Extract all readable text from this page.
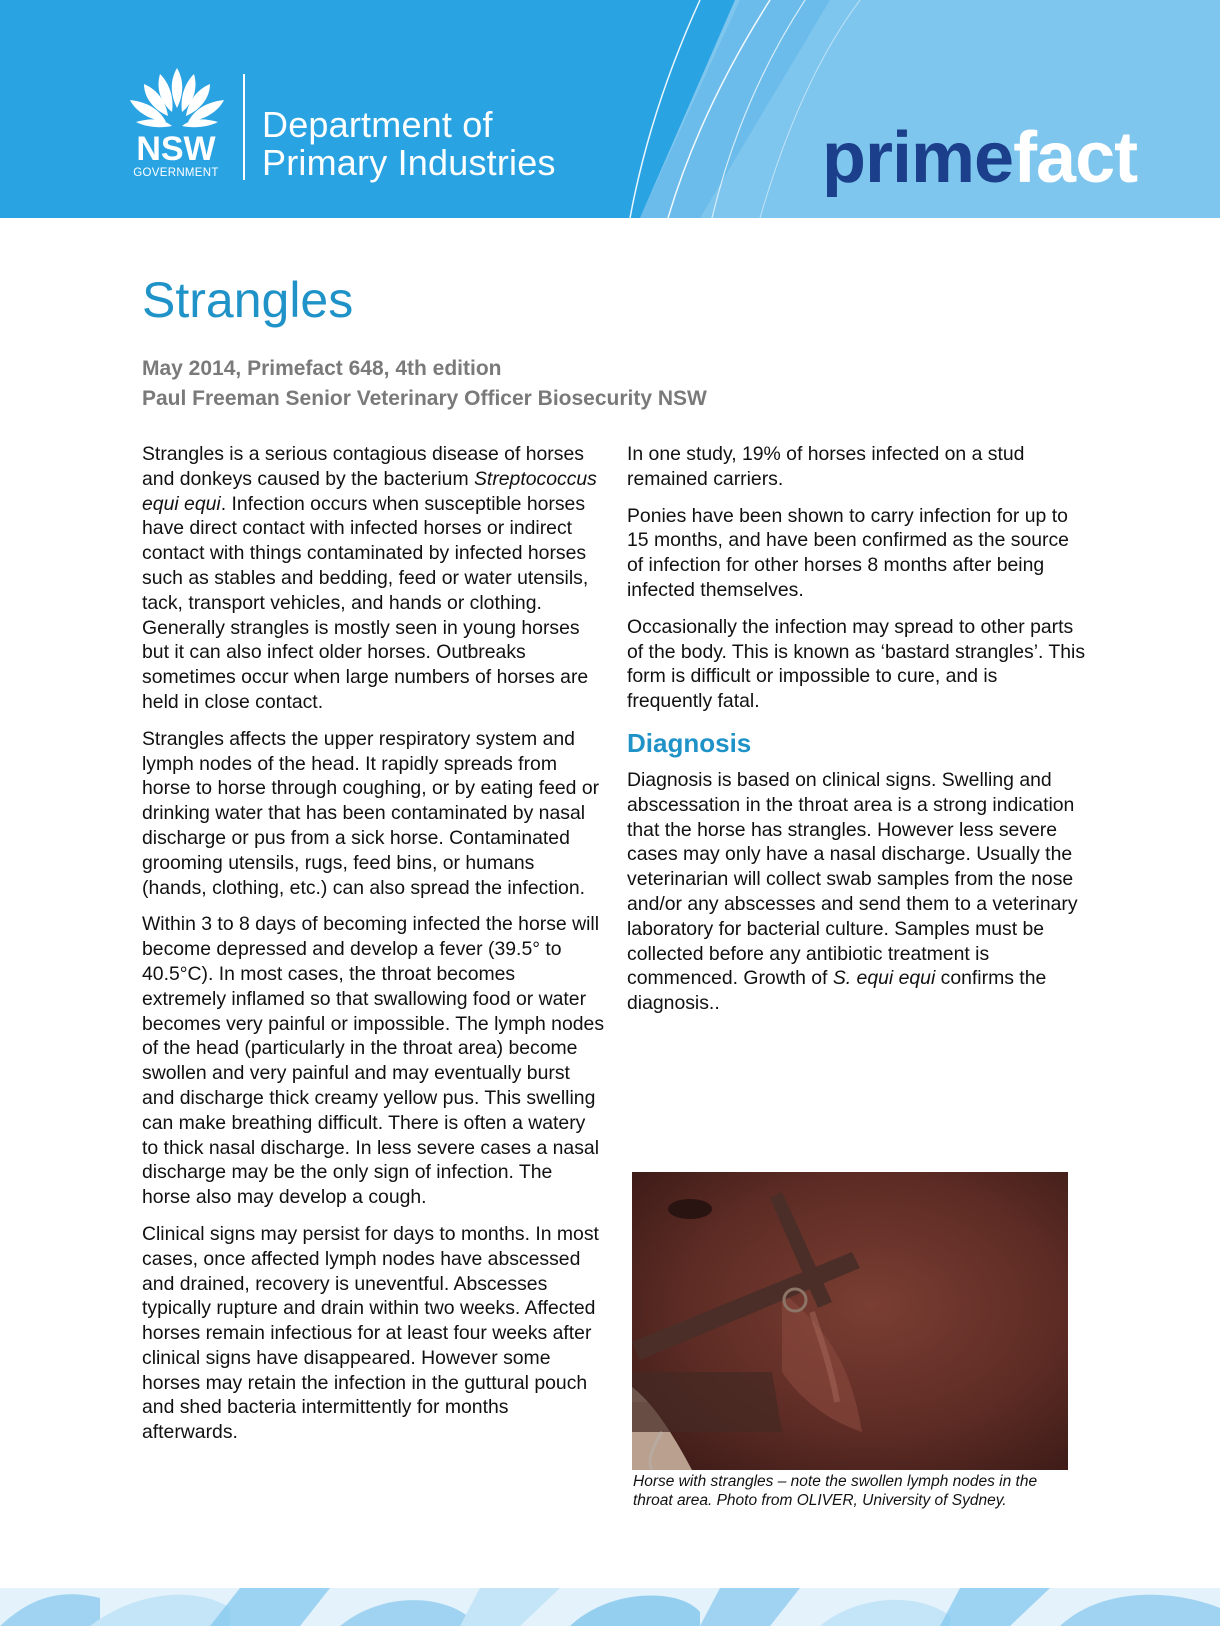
NSW
GOVERNMENT
Department of
Primary Industries	primefact
Strangles
May 2014, Primefact 648, 4th edition
Paul Freeman Senior Veterinary Officer Biosecurity NSW

Strangles is a serious contagious disease of horses and donkeys caused by the bacterium Streptococcus equi equi. Infection occurs when susceptible horses have direct contact with infected horses or indirect contact with things contaminated by infected horses such as stables and bedding, feed or water utensils, tack, transport vehicles, and hands or clothing. Generally strangles is mostly seen in young horses but it can also infect older horses. Outbreaks sometimes occur when large numbers of horses are held in close contact.

Strangles affects the upper respiratory system and lymph nodes of the head. It rapidly spreads from horse to horse through coughing, or by eating feed or drinking water that has been contaminated by nasal discharge or pus from a sick horse. Contaminated grooming utensils, rugs, feed bins, or humans (hands, clothing, etc.) can also spread the infection.

Within 3 to 8 days of becoming infected the horse will become depressed and develop a fever (39.5° to 40.5°C). In most cases, the throat becomes extremely inflamed so that swallowing food or water becomes very painful or impossible. The lymph nodes of the head (particularly in the throat area) become swollen and very painful and may eventually burst and discharge thick creamy yellow pus. This swelling can make breathing difficult. There is often a watery to thick nasal discharge. In less severe cases a nasal discharge may be the only sign of infection. The horse also may develop a cough.

Clinical signs may persist for days to months. In most cases, once affected lymph nodes have abscessed and drained, recovery is uneventful. Abscesses typically rupture and drain within two weeks. Affected horses remain infectious for at least four weeks after clinical signs have disappeared. However some horses may retain the infection in the guttural pouch and shed bacteria intermittently for months afterwards.

In one study, 19% of horses infected on a stud remained carriers.

Ponies have been shown to carry infection for up to 15 months, and have been confirmed as the source of infection for other horses 8 months after being infected themselves.

Occasionally the infection may spread to other parts of the body. This is known as ‘bastard strangles’. This form is difficult or impossible to cure, and is frequently fatal.

Diagnosis

Diagnosis is based on clinical signs. Swelling and abscessation in the throat area is a strong indication that the horse has strangles. However less severe cases may only have a nasal discharge. Usually the veterinarian will collect swab samples from the nose and/or any abscesses and send them to a veterinary laboratory for bacterial culture. Samples must be collected before any antibiotic treatment is commenced. Growth of S. equi equi confirms the diagnosis..

Horse with strangles – note the swollen lymph nodes in the throat area. Photo from OLIVER, University of Sydney.
